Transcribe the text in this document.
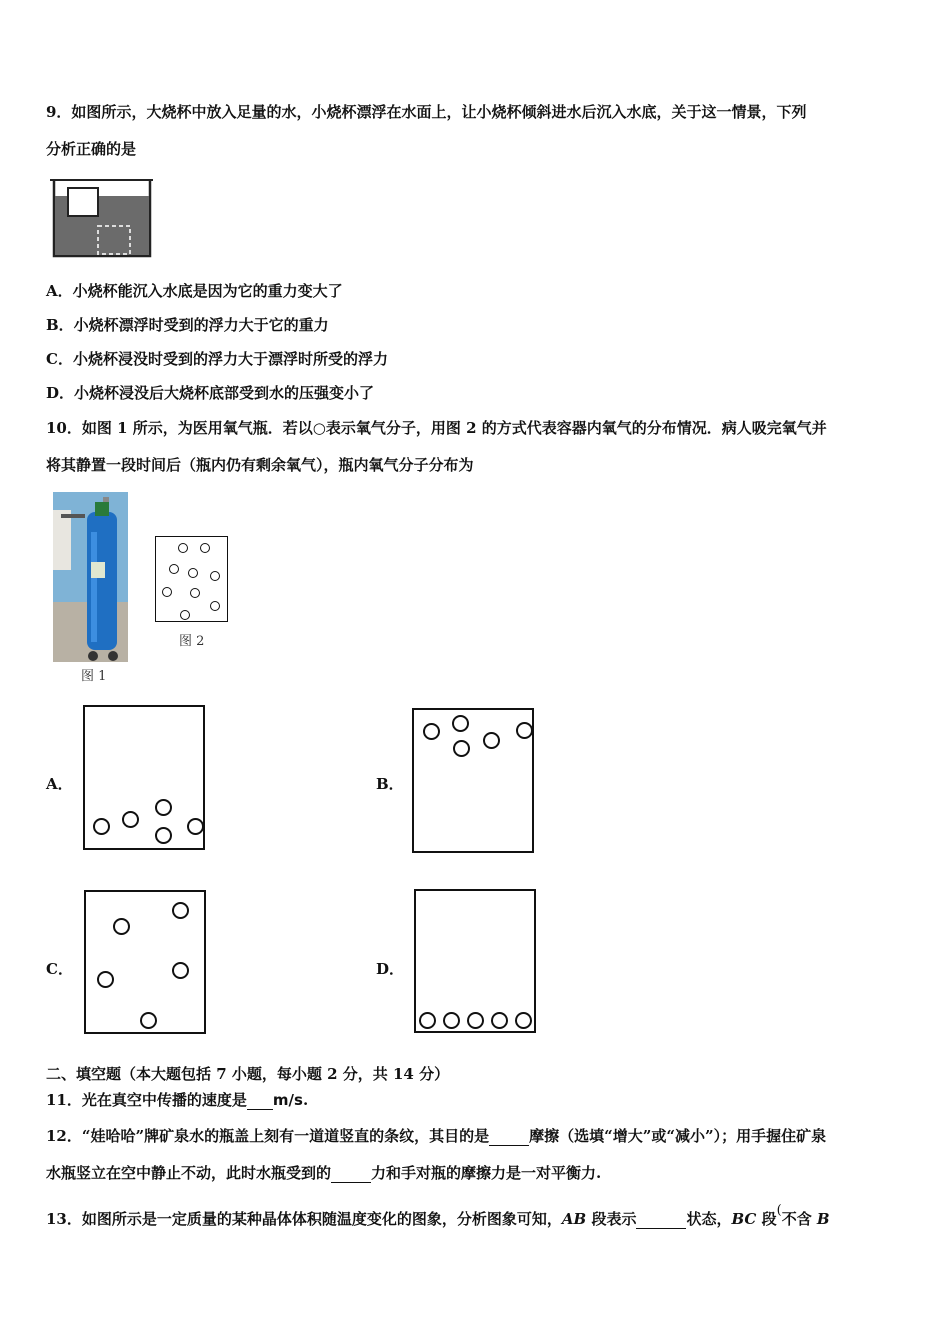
9．如图所示，大烧杯中放入足量的水，小烧杯漂浮在水面上，让小烧杯倾斜进水后沉入水底，关于这一情景，下列
分析正确的是
A．小烧杯能沉入水底是因为它的重力变大了
B．小烧杯漂浮时受到的浮力大于它的重力
C．小烧杯浸没时受到的浮力大于漂浮时所受的浮力
D．小烧杯浸没后大烧杯底部受到水的压强变小了
10．如图 1 所示，为医用氧气瓶．若以○表示氧气分子，用图 2 的方式代表容器内氧气的分布情况．病人吸完氧气并
将其静置一段时间后（瓶内仍有剩余氧气），瓶内氧气分子分布为
图 1
图 2
A．	B．
C．	D．
二、填空题（本大题包括 7 小题，每小题 2 分，共 14 分）
11．光在真空中传播的速度是 m/s.
12．“娃哈哈”牌矿泉水的瓶盖上刻有一道道竖直的条纹，其目的是	摩擦（选填“增大”或“减小”）；用手握住矿泉
水瓶竖立在空中静止不动，此时水瓶受到的	力和手对瓶的摩擦力是一对平衡力.
13．如图所示是一定质量的某种晶体体积随温度变化的图象，分析图象可知，AB 段表示	状态，BC 段(不含 B
